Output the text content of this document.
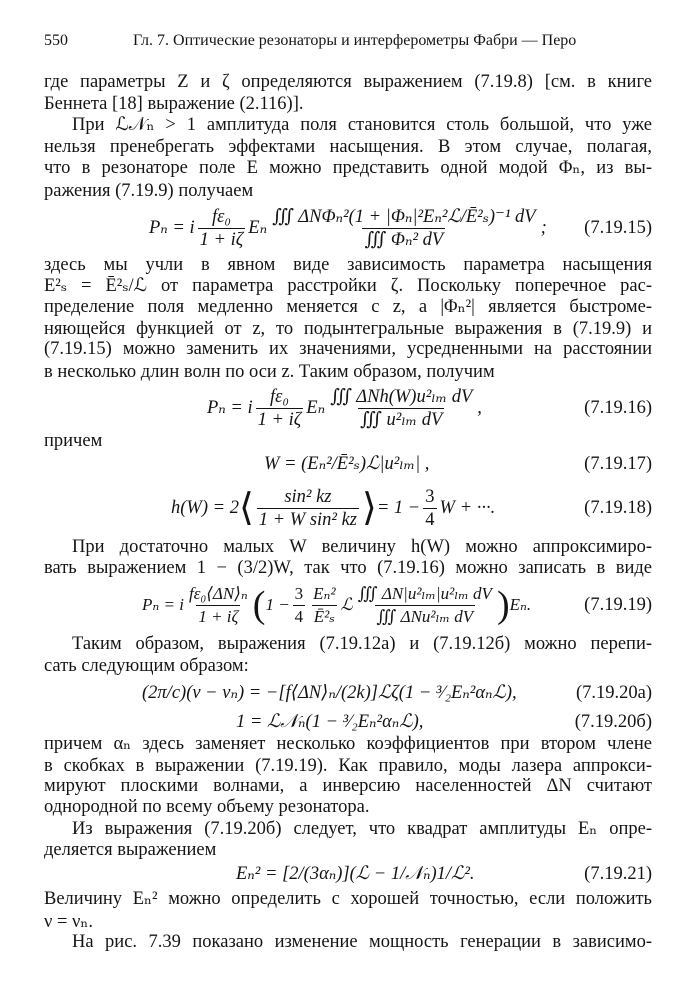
550	Гл. 7. Оптические резонаторы и интерферометры Фабри — Перо
где параметры Z и ζ определяются выражением (7.19.8) [см. в книге
Беннета [18] выражение (2.116)].
При ℒ𝒩ₙ > 1 амплитуда поля становится столь большой, что уже
нельзя пренебрегать эффектами насыщения. В этом случае, полагая,
что в резонаторе поле E можно представить одной модой Φₙ, из вы-
ражения (7.19.9) получаем
здесь мы учли в явном виде зависимость параметра насыщения
E²ₛ = Ē²ₛ/ℒ от параметра расстройки ζ. Поскольку поперечное рас-
пределение поля медленно меняется с z, а |Φₙ²| является быстроме-
няющейся функцией от z, то подынтегральные выражения в (7.19.9) и
(7.19.15) можно заменить их значениями, усредненными на расстоянии
в несколько длин волн по оси z. Таким образом, получим
причем
При достаточно малых W величину h(W) можно аппроксимиро-
вать выражением 1 − (3/2)W, так что (7.19.16) можно записать в виде
Таким образом, выражения (7.19.12а) и (7.19.12б) можно перепи-
сать следующим образом:
причем αₙ здесь заменяет несколько коэффициентов при втором члене
в скобках в выражении (7.19.19). Как правило, моды лазера аппрокси-
мируют плоскими волнами, а инверсию населенностей ΔN считают
однородной по всему объему резонатора.
Из выражения (7.19.20б) следует, что квадрат амплитуды Eₙ опре-
деляется выражением
Величину Eₙ² можно определить с хорошей точностью, если положить
ν = νₙ.
На рис. 7.39 показано изменение мощность генерации в зависимо-
Pₙ = i $\frac{\text{fε₀}}{1 + i\zeta}$ Eₙ $\frac{\text{∭ ΔNΦₙ²(1 + |Φₙ|²Eₙ²ℒ/Ē²ₛ)⁻¹ dV}}{\text{∭ Φₙ² dV}}$ ; (7.19.15)
Pₙ = i $\frac{\text{fε₀}}{1 + i\zeta}$ Eₙ $\frac{\text{∭ ΔNh(W)u²ₗₘ dV}}{\text{∭ u²ₗₘ dV}}$ ,	(7.19.16)
W = (Eₙ²/Ē²ₛ)ℒ|u²ₗₘ| ,	(7.19.17)
h(W) = 2 ⟨ $\frac{\text{sin² kz}}{\text{1 + W sin² kz}}$ ⟩ = $1 - \frac{3}{4}$ W + ···.	(7.19.18)
Pₙ = i $\frac{\text{fε₀⟨ΔN⟩ₙ}}{1 + i\zeta}$ ( $1 - \frac{3}{4} \frac{\text{Eₙ²}}{\text{Ē²ₛ}}$ ℒ $\frac{\text{∭ ΔN|u²ₗₘ|u²ₗₘ dV}}{\text{∭ ΔNu²ₗₘ dV}}$ ) Eₙ.	(7.19.19)
(2π/c)(ν − νₙ) = −[f⟨ΔN⟩ₙ/(2k)]ℒζ(1 − ³⁄₂Eₙ²αₙℒ),	(7.19.20а)
1 = ℒ𝒩ₙ(1 − ³⁄₂Eₙ²αₙℒ),	(7.19.20б)
Eₙ² = [2/(3αₙ)](ℒ − 1/𝒩ₙ)1/ℒ².	(7.19.21)
